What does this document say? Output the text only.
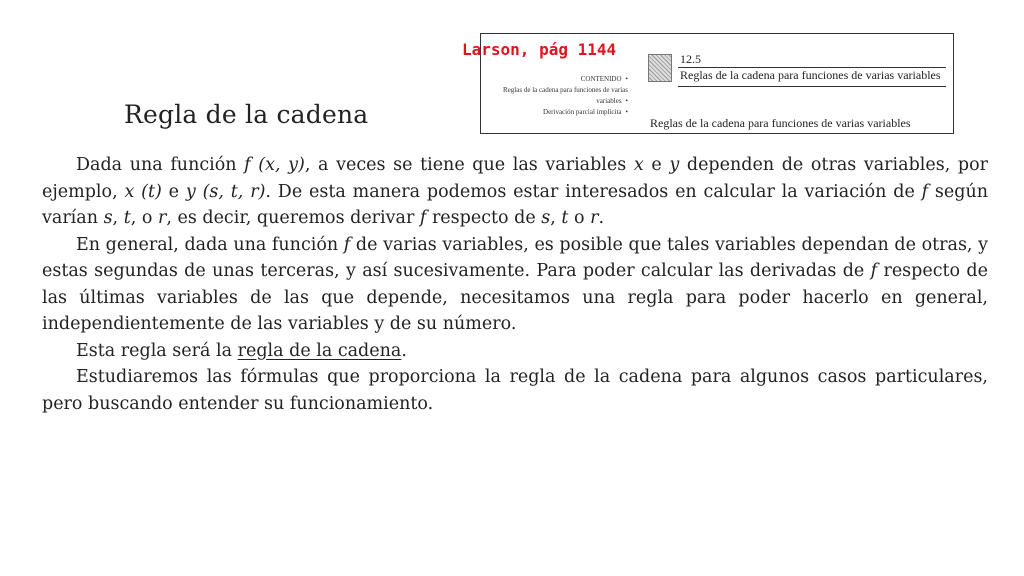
Larson, pág 1144
CONTENIDO •
Reglas de la cadena para funciones de varias variables •
Derivación parcial implícita •
12.5
Reglas de la cadena para funciones de varias variables
Reglas de la cadena para funciones de varias variables
Regla de la cadena

Dada una función f (x, y), a veces se tiene que las variables x e y dependen de otras variables, por ejemplo, x (t) e y (s, t, r). De esta manera podemos estar interesados en calcular la variación de f según varían s, t, o r, es decir, queremos derivar f respecto de s, t o r.

En general, dada una función f de varias variables, es posible que tales variables dependan de otras, y estas segundas de unas terceras, y así sucesivamente. Para poder calcular las derivadas de f respecto de las últimas variables de las que depende, necesitamos una regla para poder hacerlo en general, independientemente de las variables y de su número.

Esta regla será la regla de la cadena.

Estudiaremos las fórmulas que proporciona la regla de la cadena para algunos casos particulares, pero buscando entender su funcionamiento.
